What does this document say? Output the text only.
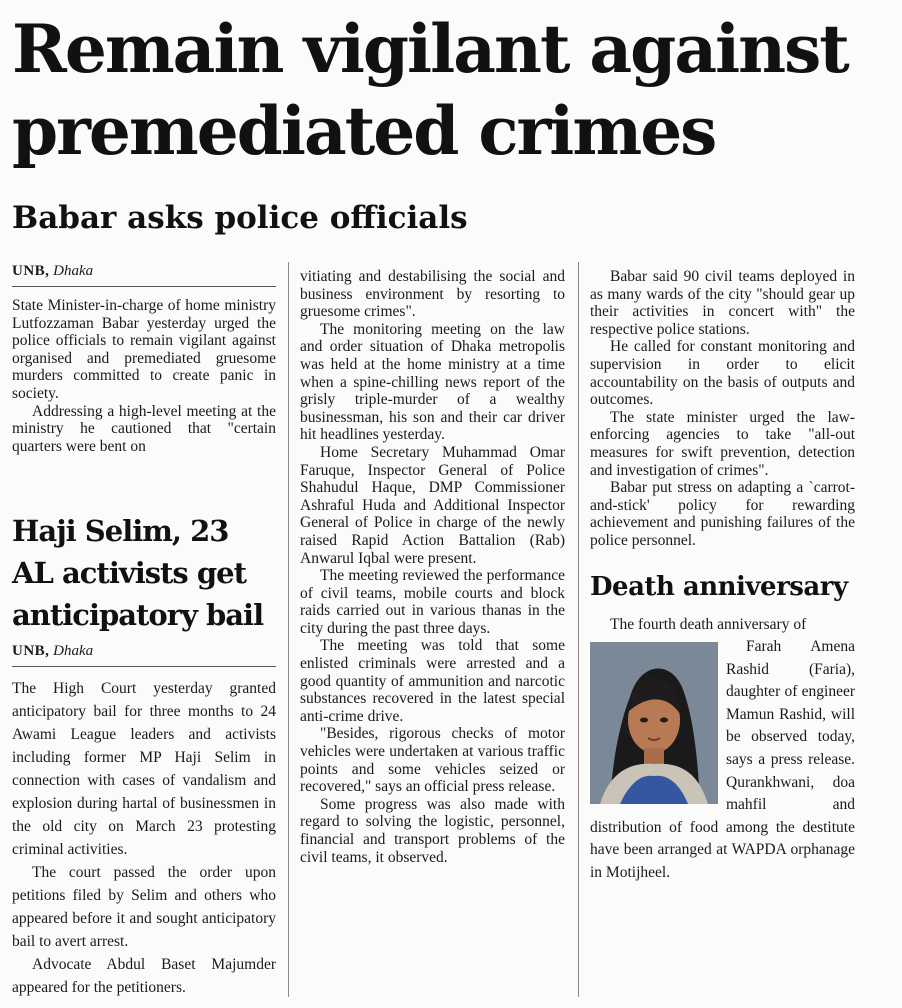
Remain vigilant against
premediated crimes
Babar asks police officials
UNB, Dhaka

State Minister-in-charge of home ministry Lutfozzaman Babar yesterday urged the police officials to remain vigilant against organised and premediated gruesome murders committed to create panic in society.

Addressing a high-level meeting at the ministry he cautioned that "certain quarters were bent on

Haji Selim, 23 AL activists get anticipatory bail
UNB, Dhaka

The High Court yesterday granted anticipatory bail for three months to 24 Awami League leaders and activists including former MP Haji Selim in connection with cases of vandalism and explosion during hartal of businessmen in the old city on March 23 protesting criminal activities.

The court passed the order upon petitions filed by Selim and others who appeared before it and sought anticipatory bail to avert arrest.

Advocate Abdul Baset Majumder appeared for the petitioners.

vitiating and destabilising the social and business environment by resorting to gruesome crimes".

The monitoring meeting on the law and order situation of Dhaka metropolis was held at the home ministry at a time when a spine-chilling news report of the grisly triple-murder of a wealthy businessman, his son and their car driver hit headlines yesterday.

Home Secretary Muhammad Omar Faruque, Inspector General of Police Shahudul Haque, DMP Commissioner Ashraful Huda and Additional Inspector General of Police in charge of the newly raised Rapid Action Battalion (Rab) Anwarul Iqbal were present.

The meeting reviewed the performance of civil teams, mobile courts and block raids carried out in various thanas in the city during the past three days.

The meeting was told that some enlisted criminals were arrested and a good quantity of ammunition and narcotic substances recovered in the latest special anti-crime drive.

"Besides, rigorous checks of motor vehicles were undertaken at various traffic points and some vehicles seized or recovered," says an official press release.

Some progress was also made with regard to solving the logistic, personnel, financial and transport problems of the civil teams, it observed.

Babar said 90 civil teams deployed in as many wards of the city "should gear up their activities in concert with" the respective police stations.

He called for constant monitoring and supervision in order to elicit accountability on the basis of outputs and outcomes.

The state minister urged the law-enforcing agencies to take "all-out measures for swift prevention, detection and investigation of crimes".

Babar put stress on adapting a `carrot-and-stick' policy for rewarding achievement and punishing failures of the police personnel.

Death anniversary

The fourth death anniversary of

Farah Amena Rashid (Faria), daughter of engineer Mamun Rashid, will be observed today, says a press release. Qurankhwani, doa mahfil and distribution of food among the destitute have been arranged at WAPDA orphanage in Motijheel.
